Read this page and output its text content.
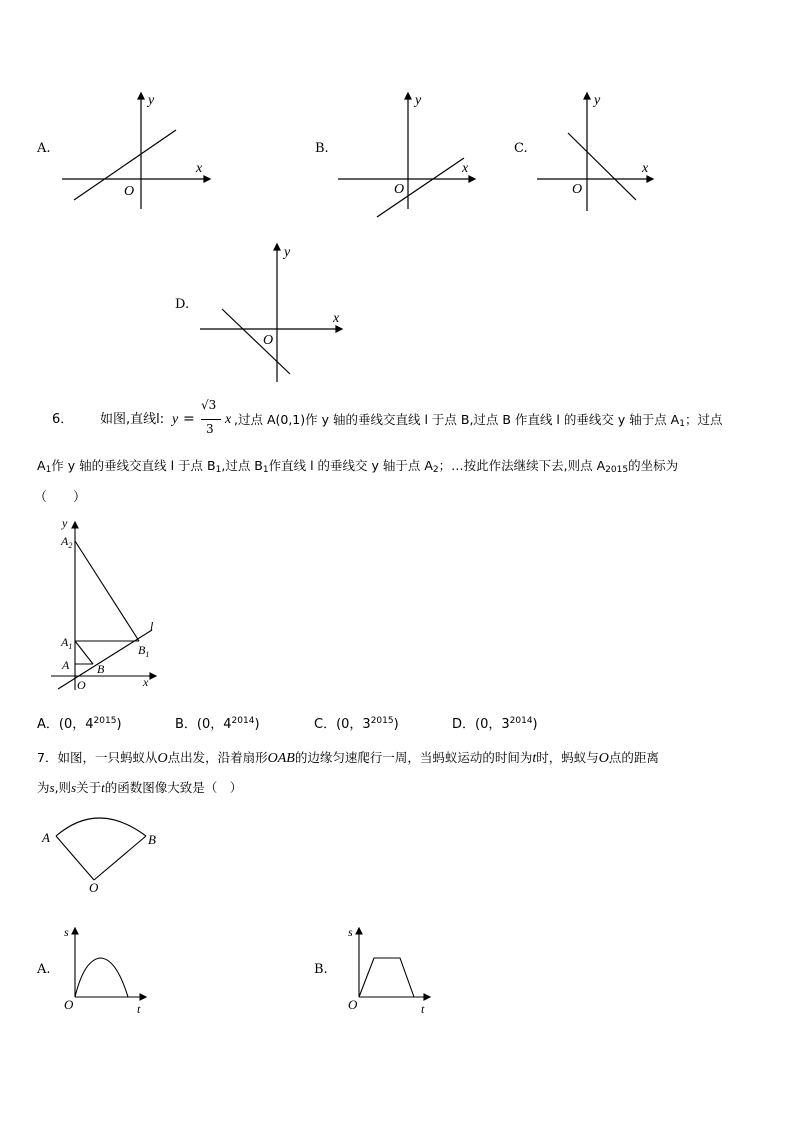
A.
y
x
O
B.
y
x
O
C.
y
x
O
D.
y
x
O
6． 如图,直线l: y =
√3
3
x ,过点 A(0,1)作 y 轴的垂线交直线 l 于点 B,过点 B 作直线 l 的垂线交 y 轴于点 $A_1$；过点
$A_1$作 y 轴的垂线交直线 l 于点 $B_1$,过点 $B_1$作直线 l 的垂线交 y 轴于点 $A_2$；…按此作法继续下去,则点 $A_{2015}$的坐标为
（　　）
y
$A_2$
$A_1$
A B
$B_1$
l
O	x
A．(0，$4^{2015}$)	B．(0，$4^{2014}$)	C．(0，$3^{2015}$)	D．(0，$3^{2014}$)
7．如图，一只蚂蚁从O点出发，沿着扇形OAB的边缘匀速爬行一周，当蚂蚁运动的时间为t时，蚂蚁与O点的距离
为s,则s关于t的函数图像大致是（　）
A	B
O
A.
s
t
O
B.
s
t
O
